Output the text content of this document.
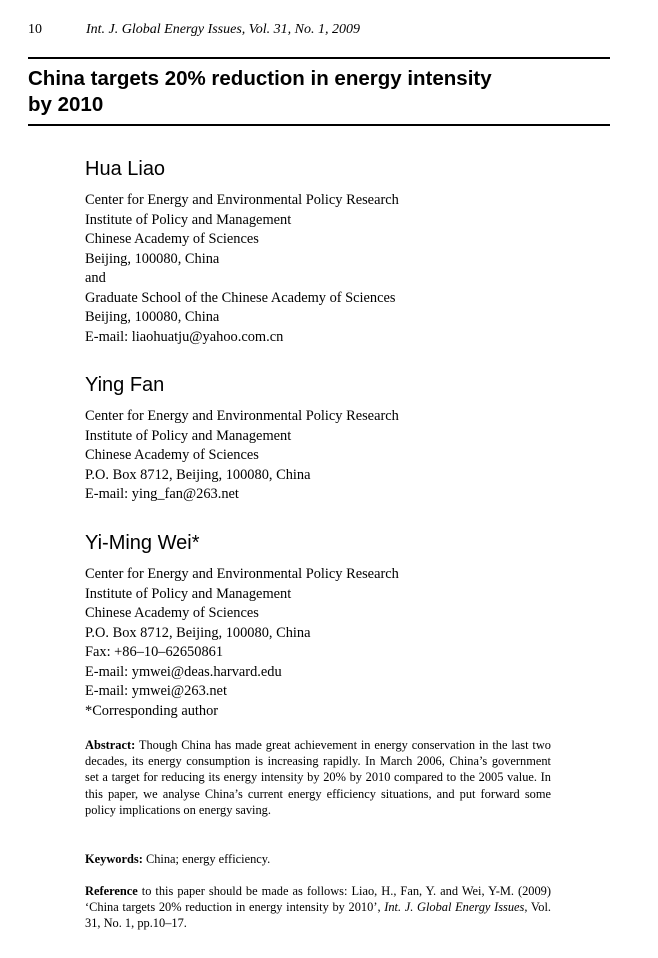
10	Int. J. Global Energy Issues, Vol. 31, No. 1, 2009
China targets 20% reduction in energy intensity
by 2010
Hua Liao
Center for Energy and Environmental Policy Research
Institute of Policy and Management
Chinese Academy of Sciences
Beijing, 100080, China
and
Graduate School of the Chinese Academy of Sciences
Beijing, 100080, China
E-mail: liaohuatju@yahoo.com.cn
Ying Fan
Center for Energy and Environmental Policy Research
Institute of Policy and Management
Chinese Academy of Sciences
P.O. Box 8712, Beijing, 100080, China
E-mail: ying_fan@263.net
Yi-Ming Wei*
Center for Energy and Environmental Policy Research
Institute of Policy and Management
Chinese Academy of Sciences
P.O. Box 8712, Beijing, 100080, China
Fax: +86–10–62650861
E-mail: ymwei@deas.harvard.edu
E-mail: ymwei@263.net
*Corresponding author
Abstract: Though China has made great achievement in energy conservation in the last two decades, its energy consumption is increasing rapidly. In March 2006, China’s government set a target for reducing its energy intensity by 20% by 2010 compared to the 2005 value. In this paper, we analyse China’s current energy efficiency situations, and put forward some policy implications on energy saving.
Keywords: China; energy efficiency.
Reference to this paper should be made as follows: Liao, H., Fan, Y. and Wei, Y-M. (2009) ‘China targets 20% reduction in energy intensity by 2010’, Int. J. Global Energy Issues, Vol. 31, No. 1, pp.10–17.
